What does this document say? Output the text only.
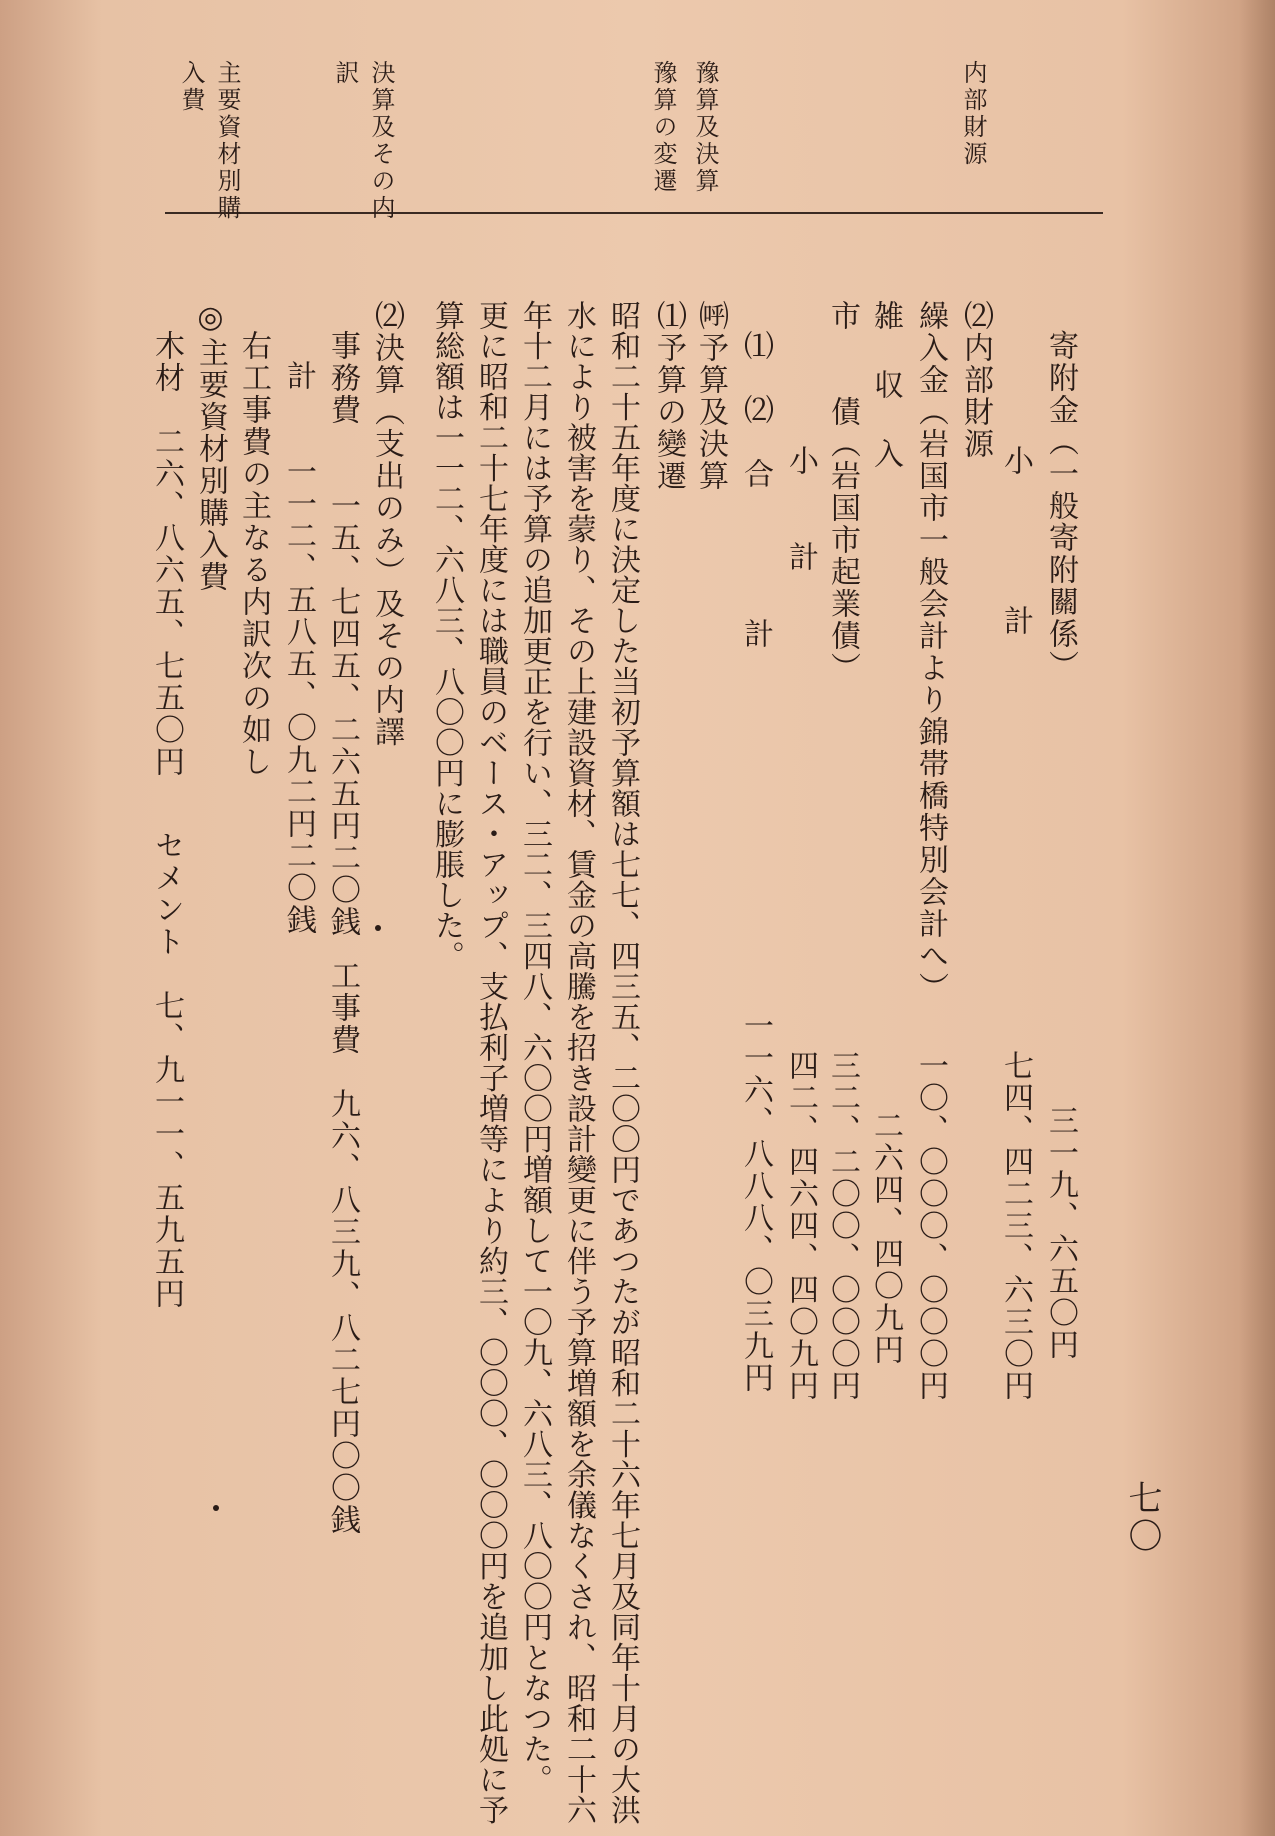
内部財源
豫算及決算
豫算の変遷
決算及その内
訳
主要資材別購
入費
寄附金（一般寄附關係）
三一九、六五〇円
小　　　　計
七四、四二三、六三〇円
⑵内部財源
繰入金（岩国市一般会計より錦帯橋特別会計へ）
一〇、〇〇〇、〇〇〇円
雑 収 入
二六四、四〇九円
市　　債（岩国市起業債）
三二、二〇〇、〇〇〇円
小　　計
四二、四六四、四〇九円
⑴　⑵　合　　　　計
一一六、八八八、〇三九円
㈺予算及決算
⑴予算の變遷
昭和二十五年度に決定した当初予算額は七七、四三五、二〇〇円であつたが昭和二十六年七月及同年十月の大洪
水により被害を蒙り、その上建設資材、賃金の高騰を招き設計變更に伴う予算増額を余儀なくされ、昭和二十六
年十二月には予算の追加更正を行い、三二、三四八、六〇〇円増額して一〇九、六八三、八〇〇円となつた。
更に昭和二十七年度には職員のベース・アップ、支払利子増等により約三、〇〇〇、〇〇〇円を追加し此処に予
算総額は一一二、六八三、八〇〇円に膨脹した。
⑵決算（支出のみ）及その内譯
事務費　　一五、七四五、二六五円二〇銭
工事費　九六、八三九、八二七円〇〇銭
計　　一一二、五八五、〇九二円二〇銭
右工事費の主なる内訳次の如し
◎主要資材別購入費
木材　二六、八六五、七五〇円
セメント　七、九一一、五九五円
七〇
